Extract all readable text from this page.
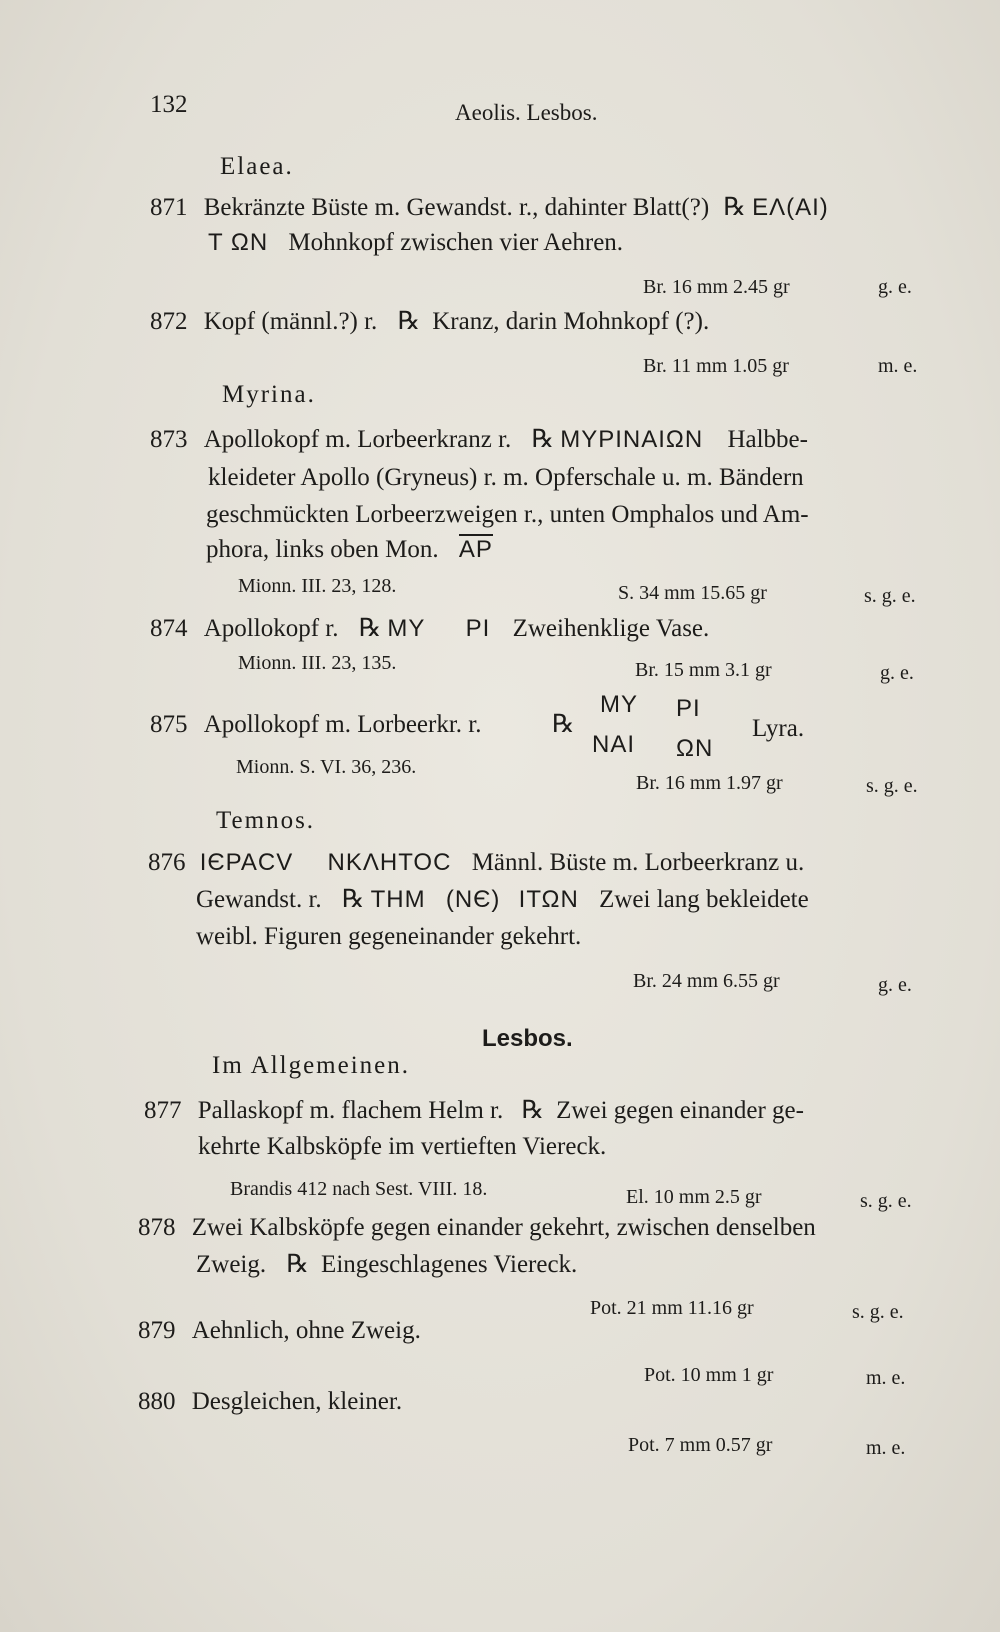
132	Aeolis. Lesbos.
Elaea.
871 Bekränzte Büste m. Gewandst. r., dahinter Blatt(?) ℞ ΕΛ(ΑΙ)
Τ ΩΝ Mohnkopf zwischen vier Aehren.
Br. 16 mm 2.45 gr	g. e.
872 Kopf (männl.?) r. ℞ Kranz, darin Mohnkopf (?).
Br. 11 mm 1.05 gr	m. e.
Myrina.
873 Apollokopf m. Lorbeerkranz r. ℞ ΜΥΡΙΝΑΙΩΝ Halbbe-
kleideter Apollo (Gryneus) r. m. Opferschale u. m. Bändern
geschmückten Lorbeerzweigen r., unten Omphalos und Am-
phora, links oben Mon. ΑΡ
Mionn. III. 23, 128.	S. 34 mm 15.65 gr	s. g. e.
874 Apollokopf r. ℞ ΜΥ ΡΙ Zweihenklige Vase.
Mionn. III. 23, 135.	Br. 15 mm 3.1 gr	g. e.
875 Apollokopf m. Lorbeerkr. r.	℞
ΜΥ ΡΙ
ΝΑΙ ΩΝ
Lyra.
Mionn. S. VI. 36, 236.
Br. 16 mm 1.97 gr	s. g. e.
Temnos.
876 ΙЄΡΑCV ΝΚΛΗΤΟC Männl. Büste m. Lorbeerkranz u.
Gewandst. r. ℞ ΤΗΜ (ΝЄ) ΙΤΩΝ Zwei lang bekleidete
weibl. Figuren gegeneinander gekehrt.
Br. 24 mm 6.55 gr	g. e.
Lesbos.
Im Allgemeinen.
877 Pallaskopf m. flachem Helm r. ℞ Zwei gegen einander ge-
kehrte Kalbsköpfe im vertieften Viereck.
Brandis 412 nach Sest. VIII. 18.	El. 10 mm 2.5 gr	s. g. e.
878 Zwei Kalbsköpfe gegen einander gekehrt, zwischen denselben
Zweig. ℞ Eingeschlagenes Viereck.
Pot. 21 mm 11.16 gr	s. g. e.
879 Aehnlich, ohne Zweig.
Pot. 10 mm 1 gr	m. e.
880 Desgleichen, kleiner.
Pot. 7 mm 0.57 gr	m. e.
